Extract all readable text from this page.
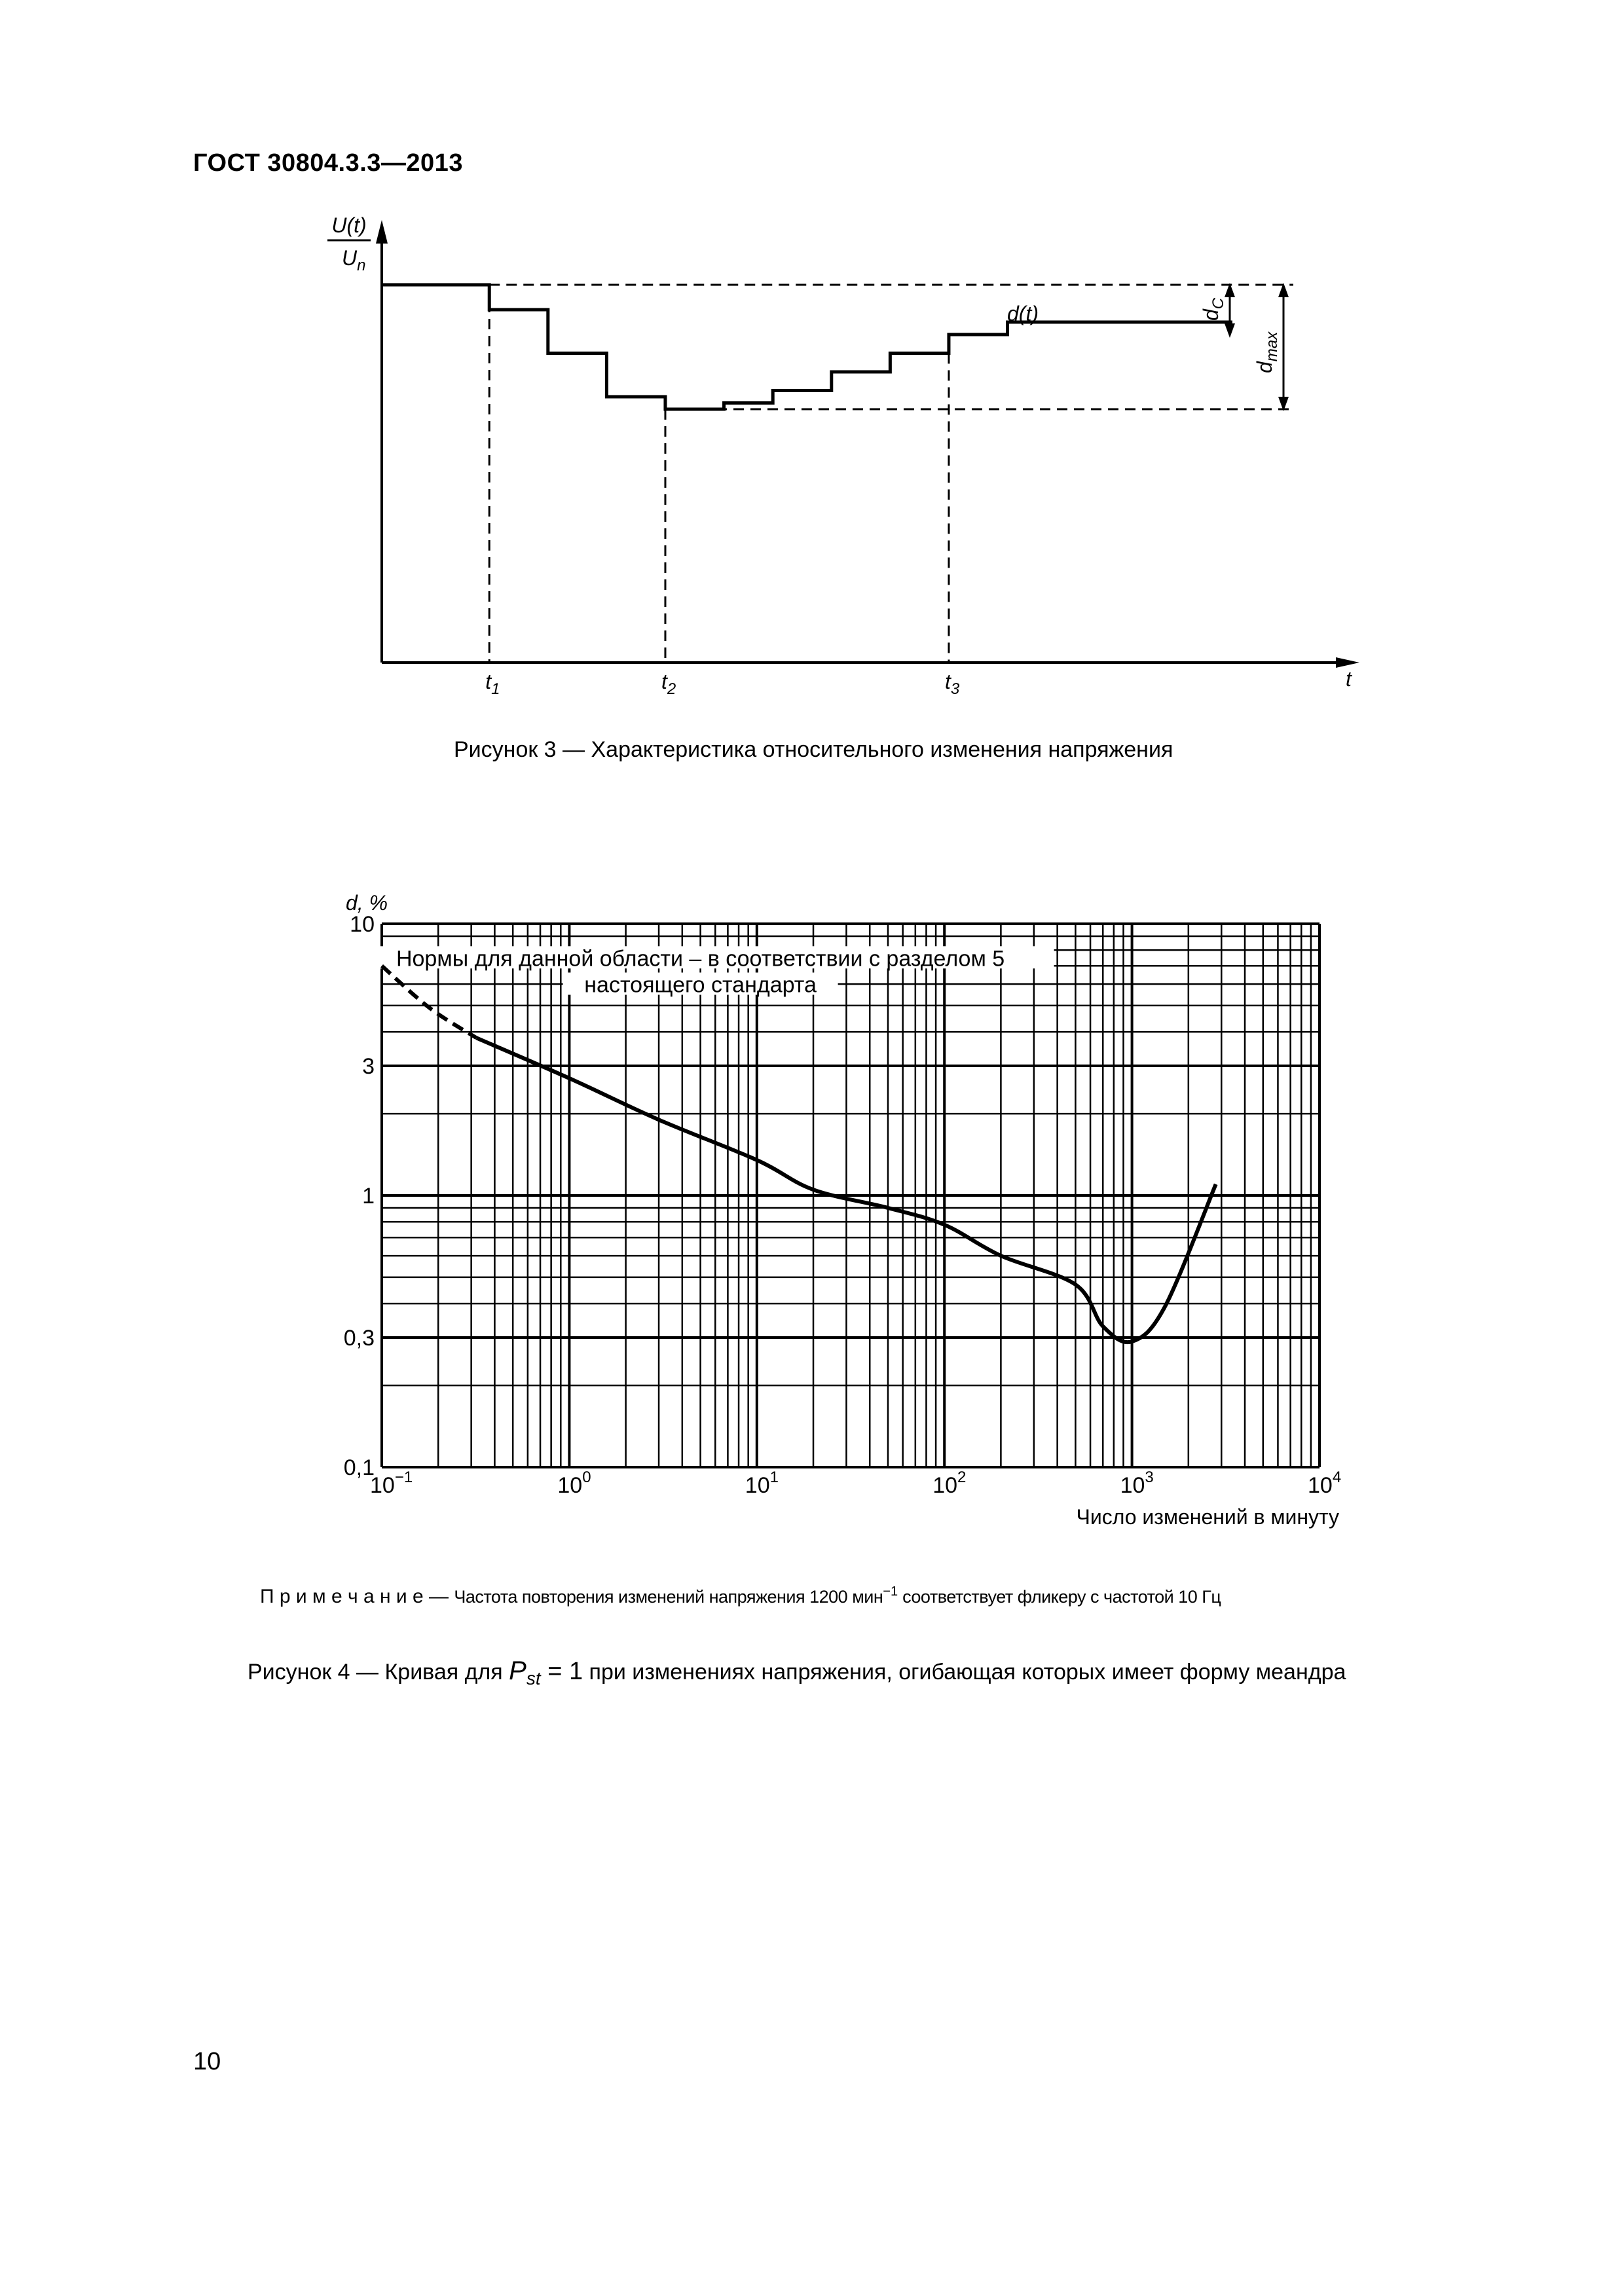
ГОСТ 30804.3.3—2013
U(t)
$U_n$
t
$t_1$	$t_2$	$t_3$
d(t)	$d_C$
$d_{max}$
Рисунок 3 — Характеристика относительного изменения напряжения
d, %
Нормы для данной области – в соответствии с разделом 5
настоящего стандарта
10
3
1
0,3
0,1
$10^{-1}$	$10^0$	$10^1$	$10^2$	$10^3$	$10^4$
Число изменений в минуту
П р и м е ч а н и е — Частота повторения изменений напряжения 1200 мин$^{-1}$ соответствует фликеру с частотой 10 Гц
Рисунок 4 — Кривая для $P_{st} = 1$ при изменениях напряжения, огибающая которых имеет форму меандра
10
